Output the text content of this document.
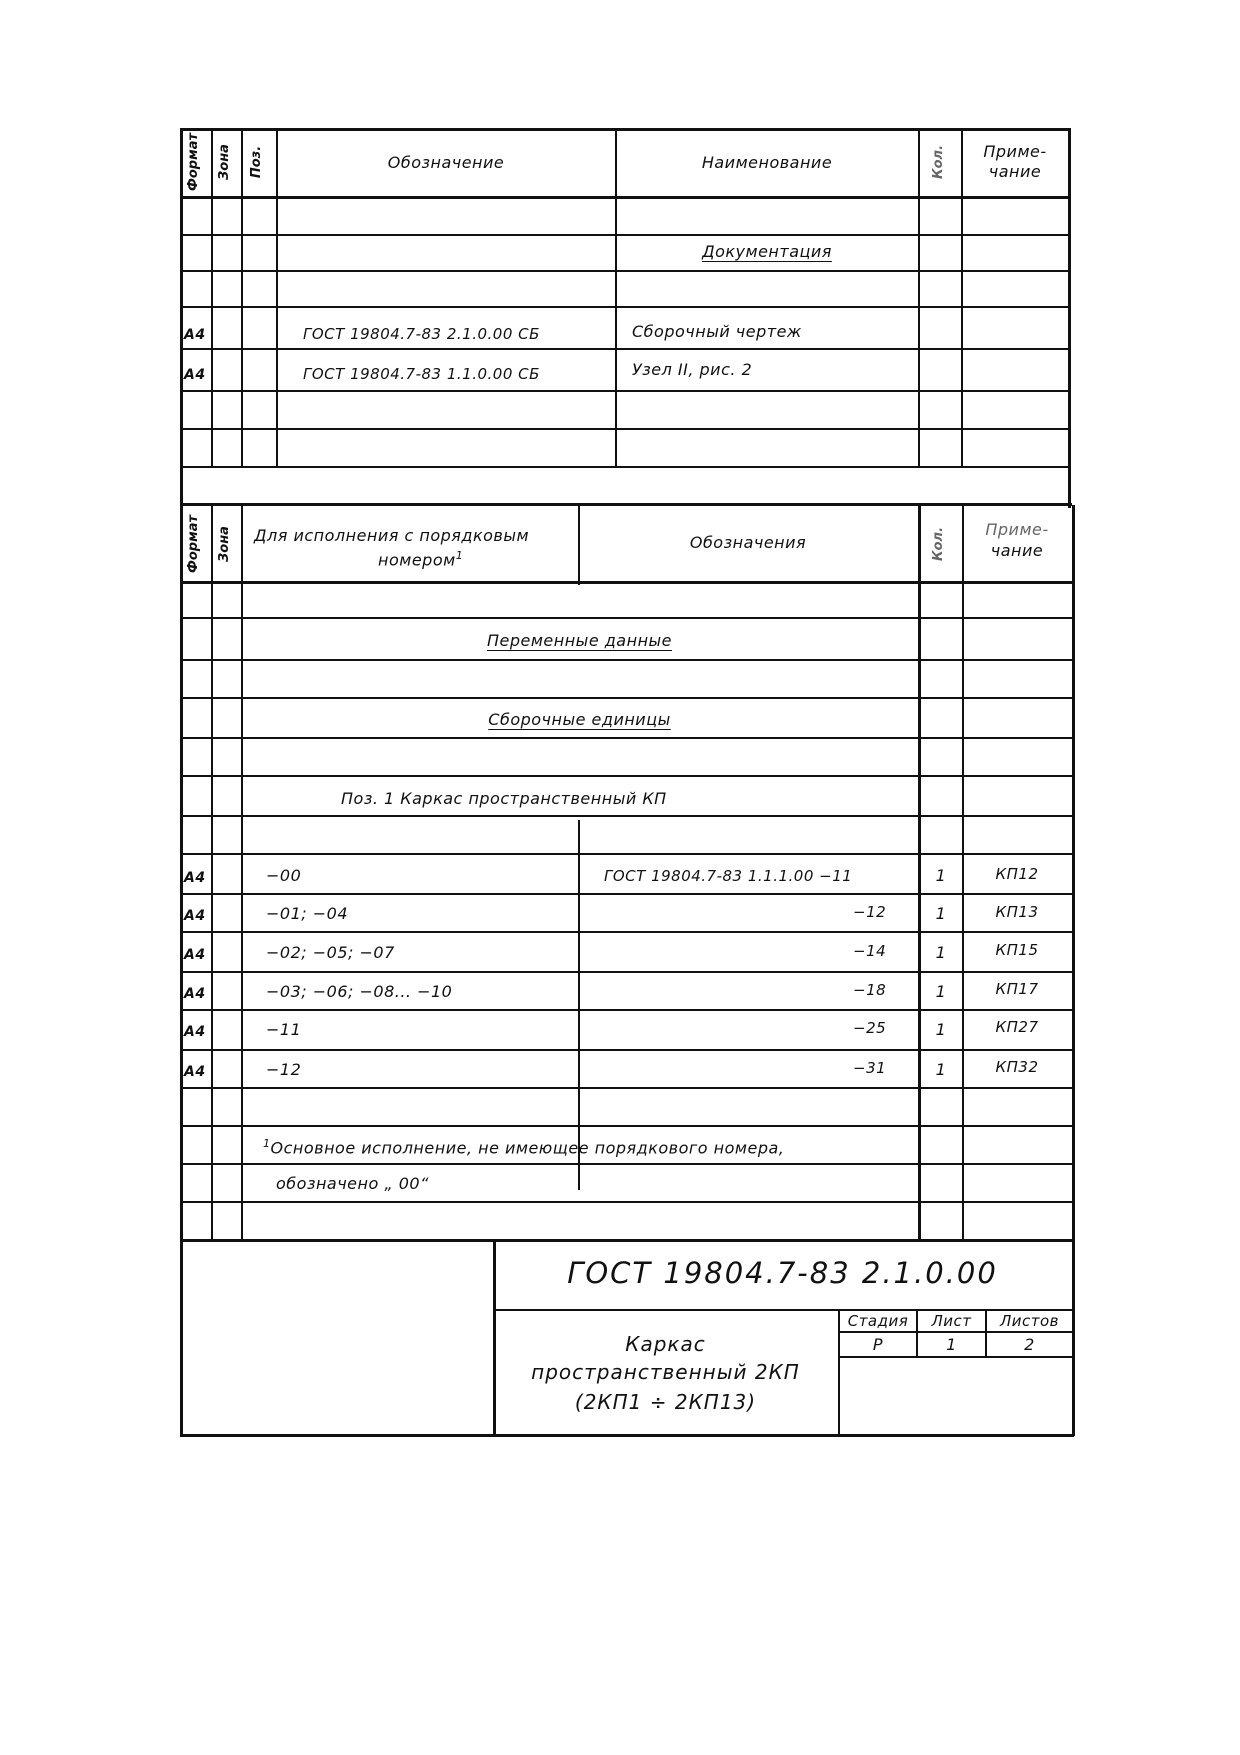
Формат Зона Поз.	Обозначение	Наименование	Кол.	Приме-
чание
Документация
А4	ГОСТ 19804.7-83 2.1.0.00 СБ	Сборочный чертеж
А4	ГОСТ 19804.7-83 1.1.0.00 СБ	Узел II, рис. 2
Формат Зона Для исполнения с порядковым
номером$^1$
Обозначения	Кол.	Приме-
чание
Переменные данные
Сборочные единицы
Поз. 1 Каркас пространственный КП
А4	−00	ГОСТ 19804.7-83 1.1.1.00 −11	1	КП12
А4	−01; −04	−12	1	КП13
А4	−02; −05; −07	−14	1	КП15
А4	−03; −06; −08... −10	−18	1	КП17
А4	−11	−25	1	КП27
А4	−12	−31	1	КП32
$^1$Основное исполнение, не имеющее порядкового номера,
обозначено „ 00“
ГОСТ 19804.7-83 2.1.0.00
Каркас
пространственный 2КП
(2КП1 ÷ 2КП13)
Стадия	Лист	Листов
Р	1	2
